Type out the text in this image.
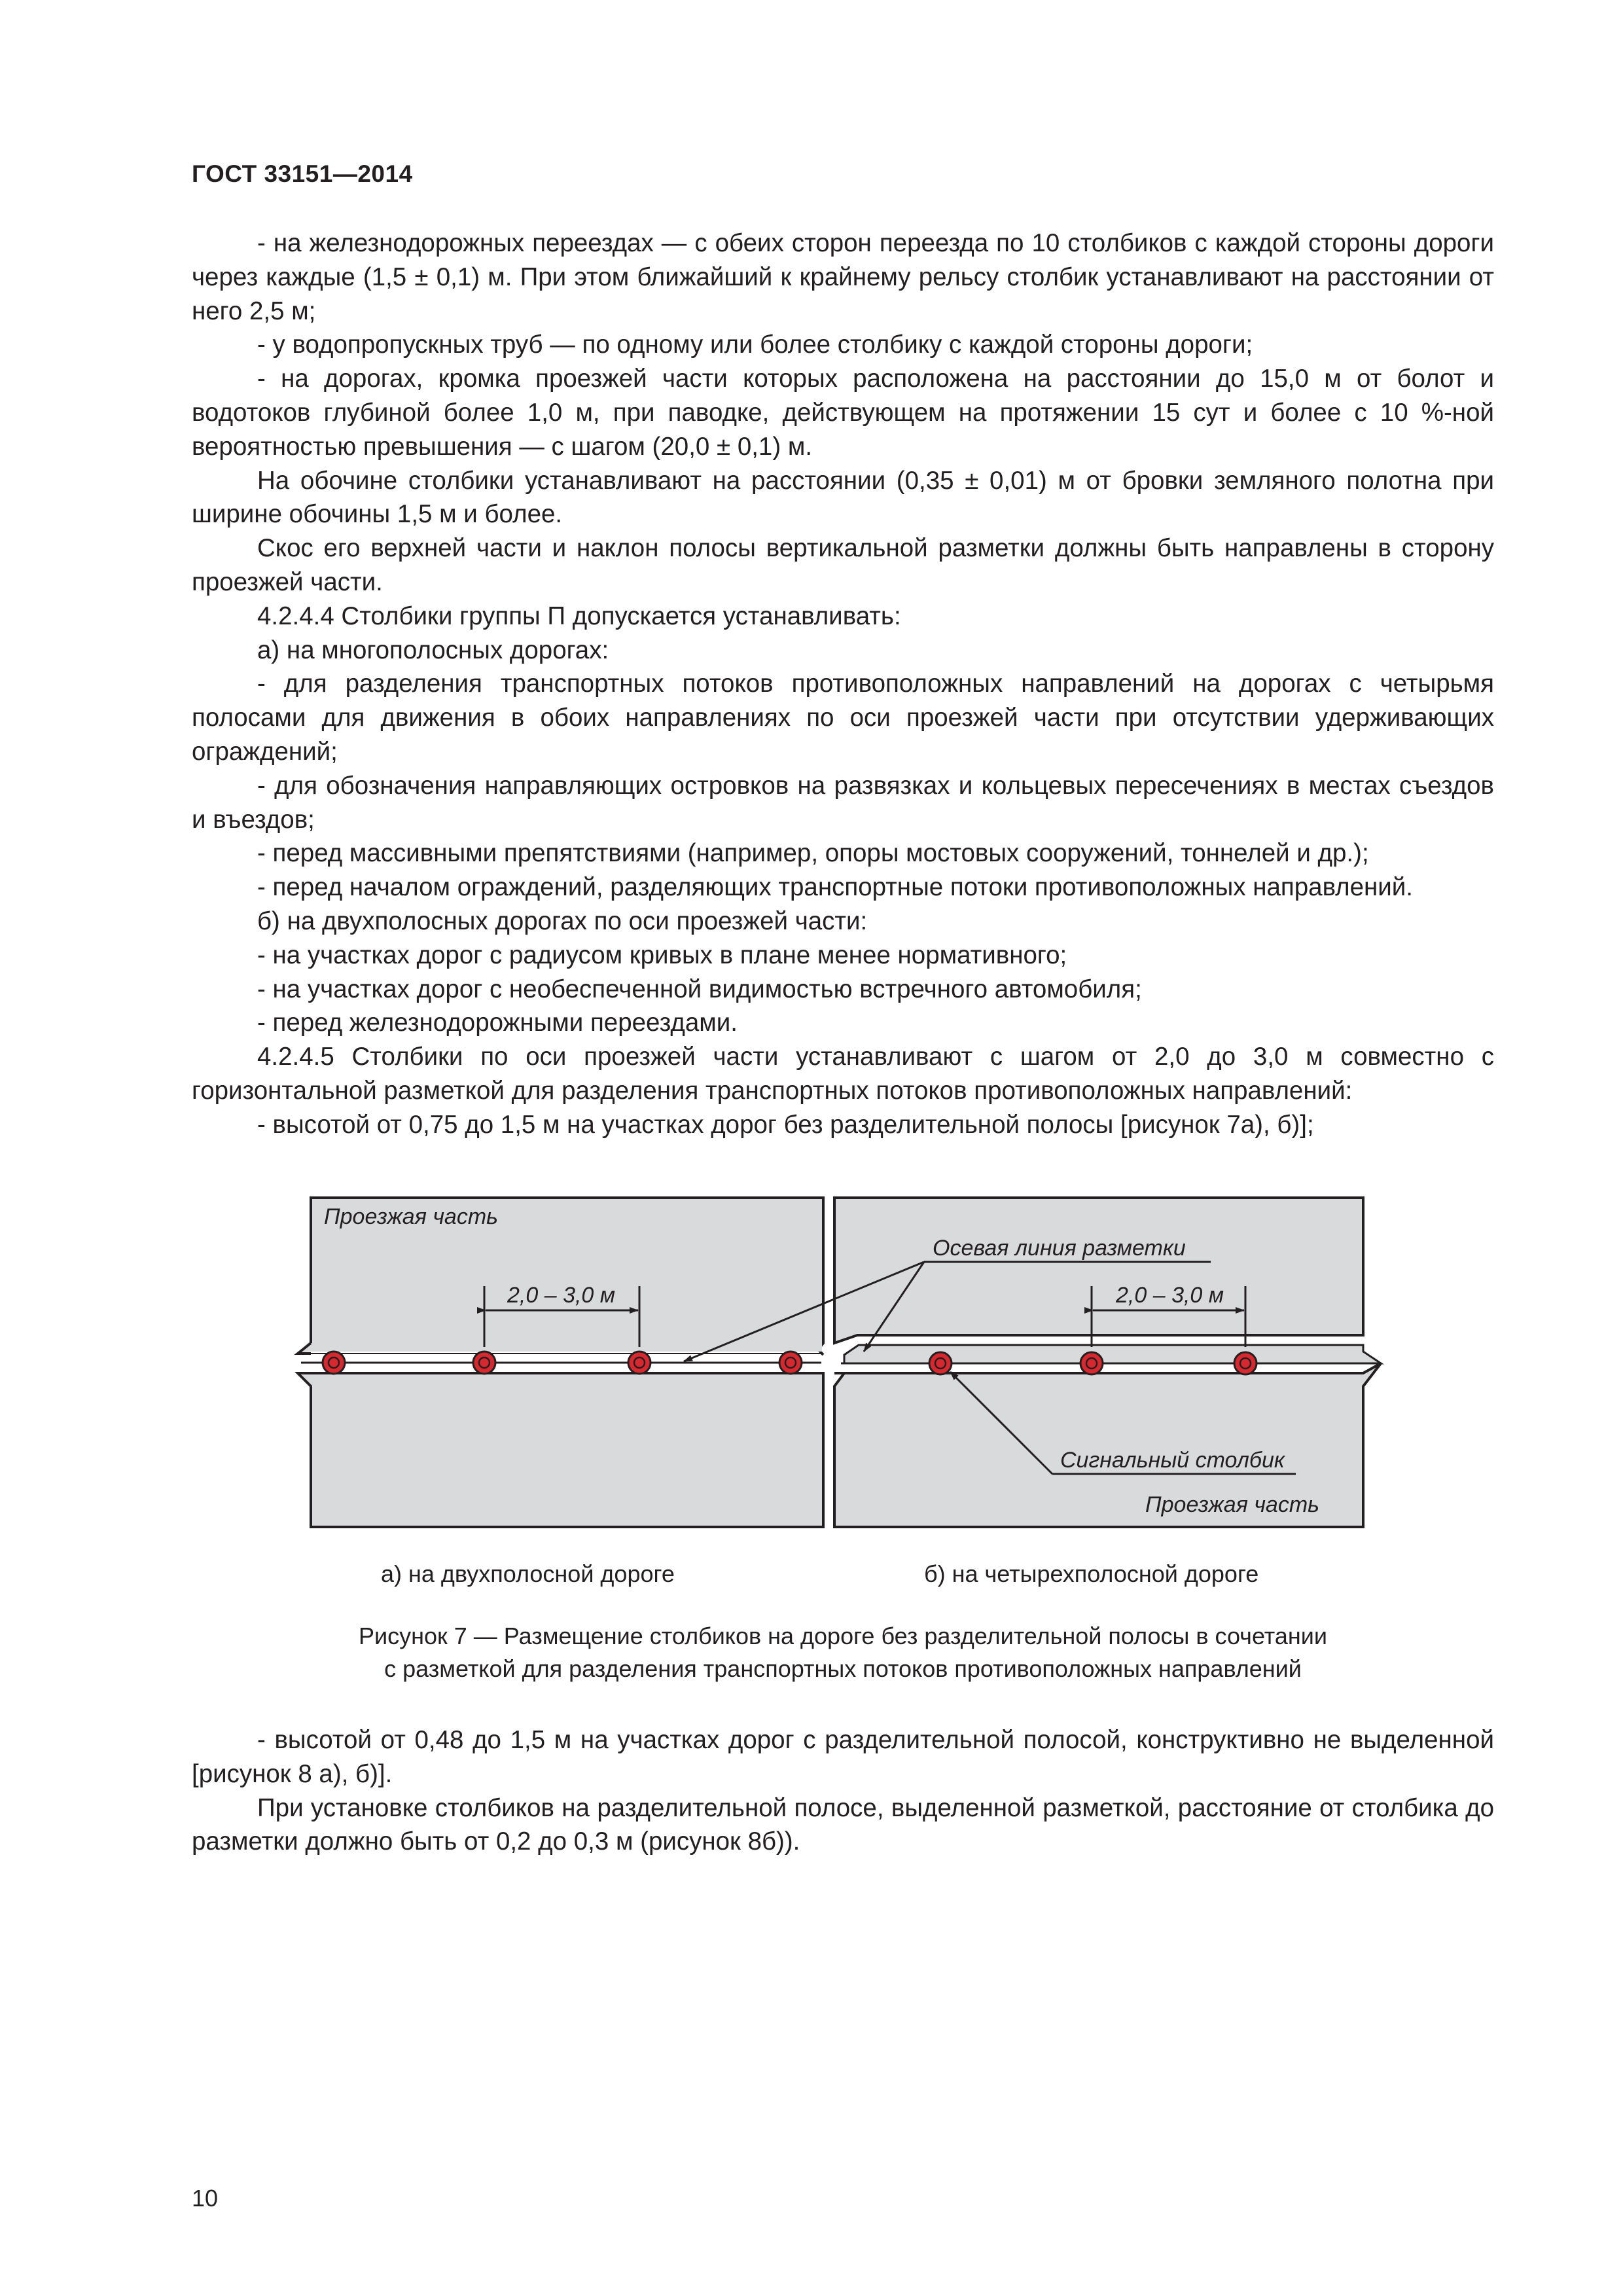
ГОСТ 33151—2014

- на железнодорожных переездах — с обеих сторон переезда по 10 столбиков с каждой стороны дороги через каждые (1,5 ± 0,1) м. При этом ближайший к крайнему рельсу столбик устанавливают на расстоянии от него 2,5 м;

- у водопропускных труб — по одному или более столбику с каждой стороны дороги;

- на дорогах, кромка проезжей части которых расположена на расстоянии до 15,0 м от болот и водотоков глубиной более 1,0 м, при паводке, действующем на протяжении 15 сут и более с 10 %-ной вероятностью превышения — с шагом (20,0 ± 0,1) м.

На обочине столбики устанавливают на расстоянии (0,35 ± 0,01) м от бровки земляного полотна при ширине обочины 1,5 м и более.

Скос его верхней части и наклон полосы вертикальной разметки должны быть направлены в сторону проезжей части.

4.2.4.4 Столбики группы П допускается устанавливать:

а) на многополосных дорогах:

- для разделения транспортных потоков противоположных направлений на дорогах с четырьмя полосами для движения в обоих направлениях по оси проезжей части при отсутствии удерживающих ограждений;

- для обозначения направляющих островков на развязках и кольцевых пересечениях в местах съездов и въездов;

- перед массивными препятствиями (например, опоры мостовых сооружений, тоннелей и др.);

- перед началом ограждений, разделяющих транспортные потоки противоположных направлений.

б) на двухполосных дорогах по оси проезжей части:

- на участках дорог с радиусом кривых в плане менее нормативного;

- на участках дорог с необеспеченной видимостью встречного автомобиля;

- перед железнодорожными переездами.

4.2.4.5 Столбики по оси проезжей части устанавливают с шагом от 2,0 до 3,0 м совместно с горизонтальной разметкой для разделения транспортных потоков противоположных направлений:

- высотой от 0,75 до 1,5 м на участках дорог без разделительной полосы [рисунок 7а), б)];

2,0 – 3,0 м
Проезжая часть
2,0 – 3,0 м
Осевая линия разметки
Сигнальный столбик
Проезжая часть
а) на двухполосной дороге	б) на четырехполосной дороге
Рисунок 7 — Размещение столбиков на дороге без разделительной полосы в сочетании
с разметкой для разделения транспортных потоков противоположных направлений

- высотой от 0,48 до 1,5 м на участках дорог с разделительной полосой, конструктивно не выделенной [рисунок 8 а), б)].

При установке столбиков на разделительной полосе, выделенной разметкой, расстояние от столбика до разметки должно быть от 0,2 до 0,3 м (рисунок 8б)).

10
